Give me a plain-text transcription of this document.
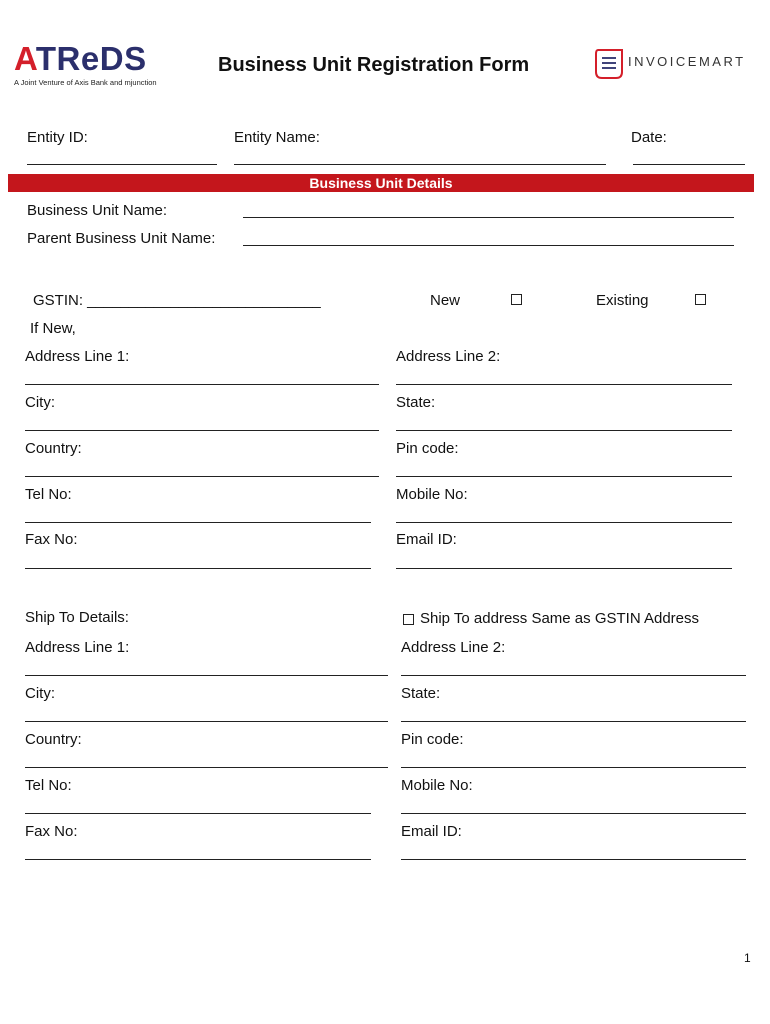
ATReDS
A Joint Venture of Axis Bank and mjunction
Business Unit Registration Form	INVOICEMART
Entity ID:	Entity Name:	Date:
Business Unit Details
Business Unit Name:
Parent Business Unit Name:
GSTIN: ____________________________	New	Existing
If New,
Address Line 1:	Address Line 2:
City:	State:
Country:	Pin code:
Tel No:	Mobile No:
Fax No:	Email ID:
Ship To Details:	Ship To address Same as GSTIN Address
Address Line 1:	Address Line 2:
City:	State:
Country:	Pin code:
Tel No:	Mobile No:
Fax No:	Email ID:
1
